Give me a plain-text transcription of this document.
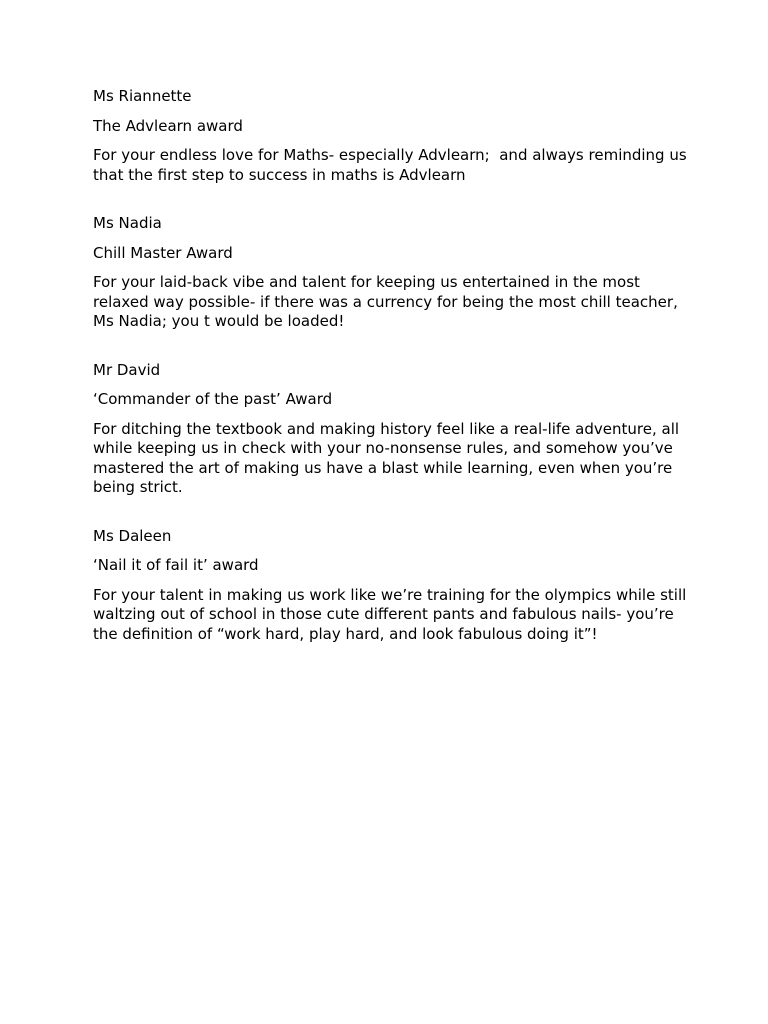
Ms Riannette

The Advlearn award

For your endless love for Maths- especially Advlearn;  and always reminding us that the first step to success in maths is Advlearn

Ms Nadia

Chill Master Award

For your laid-back vibe and talent for keeping us entertained in the most relaxed way possible- if there was a currency for being the most chill teacher, Ms Nadia; you t would be loaded!

Mr David

‘Commander of the past’ Award

For ditching the textbook and making history feel like a real-life adventure, all while keeping us in check with your no-nonsense rules, and somehow you’ve mastered the art of making us have a blast while learning, even when you’re being strict.

Ms Daleen

‘Nail it of fail it’ award

For your talent in making us work like we’re training for the olympics while still waltzing out of school in those cute different pants and fabulous nails- you’re the definition of “work hard, play hard, and look fabulous doing it”!
